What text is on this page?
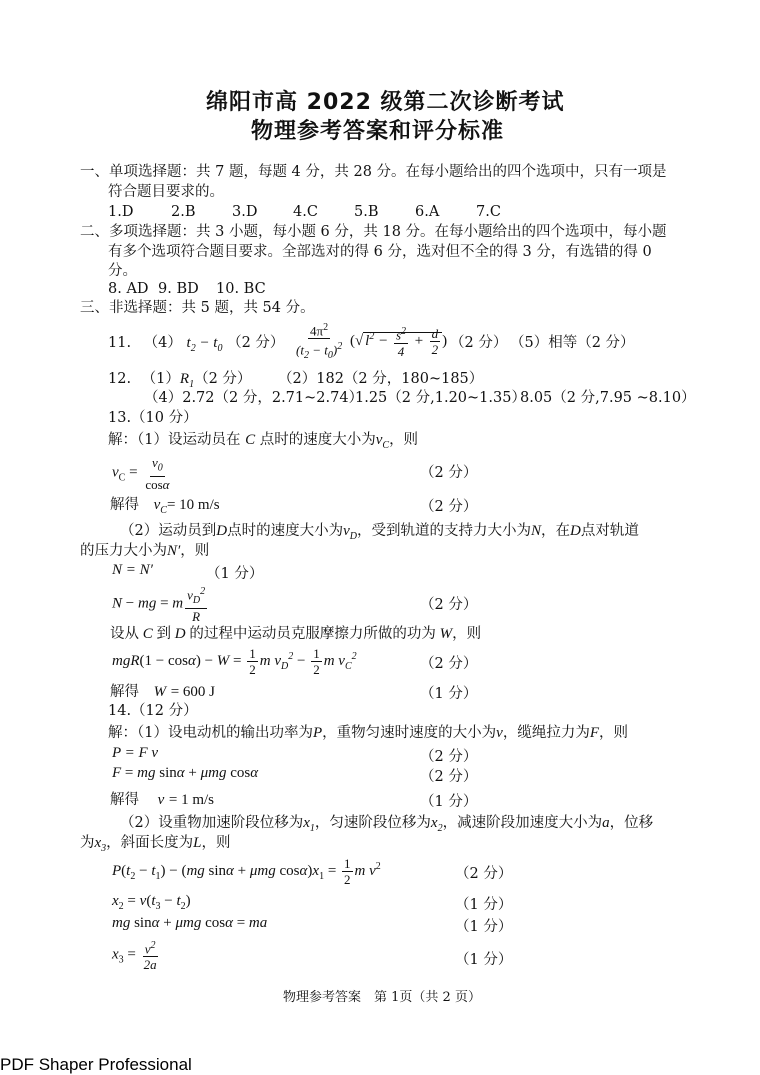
绵阳市高 2022 级第二次诊断考试
物理参考答案和评分标准
一、单项选择题：共 7 题，每题 4 分，共 28 分。在每小题给出的四个选项中，只有一项是
符合题目要求的。
1.D	2.B	3.D 4.C 5.B	6.A	7.C
二、多项选择题：共 3 小题，每小题 6 分，共 18 分。在每小题给出的四个选项中，每小题
有多个选项符合题目要求。全部选对的得 6 分，选对但不全的得 3 分，有选错的得 0
分。
8. AD 9. BD 10. BC
三、非选择题：共 5 题，共 54 分。
11. （4） $t_2 - t_0$ （2 分） $\frac{4\pi^2}{(t_2 - t_0)^2}$ (√ $l^2 - \frac{s^2}{4} + \frac{d}{2}$ ) （2 分） （5）相等（2 分）
12. $(1)R_1(2$ 分） （2）182（2 分，180~185）
（4）2.72（2 分，2.71~2.74）
1.25（2 分,1.20~1.35）
8.05（2 分,7.95 ~8.10）
13.（10 分）
解：（1）设运动员在 C 点时的速度大小为$v_C$，则
$v_C = \frac{v_0}{\cos\alpha}$	（2 分）
解得 $v_C= 10$ m/s	（2 分）
（2）运动员到D点时的速度大小为$v_D$，受到轨道的支持力大小为N，在D点对轨道
的压力大小为N′，则
N = N′	（1 分）
N − mg = m $\frac{v_D^2}{R}$	（2 分）
设从 C 到 D 的过程中运动员克服摩擦力所做的功为 W，则
$mgR(1 - \cos\alpha) - W = \frac{1}{2}$ m $v_D^2 - \frac{1}{2}$ m $v_C^2$	（2 分）
解得 W = 600 J	（1 分）
14.（12 分）
解：（1）设电动机的输出功率为P，重物匀速时速度的大小为v，缆绳拉力为F，则
P = F v	（2 分）
F = mg sinα + μmg cosα	（2 分）
解得 v = 1 m/s	（1 分）
（2）设重物加速阶段位移为$x_1$，匀速阶段位移为$x_2$，减速阶段加速度大小为a，位移
为$x_3$，斜面长度为L，则
$P(t_2 - t_1) - (mg$ sinα + μmg $\cos\alpha)x_1 = \frac{1}{2}$ m $v^2$	（2 分）
$x_2 = v(t_3 - t_2)$	（1 分）
mg sinα + μmg cosα = ma	（1 分）
$x_3 = \frac{v^2}{2a}$	（1 分）
物理参考答案　第 1页（共 2 页）
PDF Shaper Professional
